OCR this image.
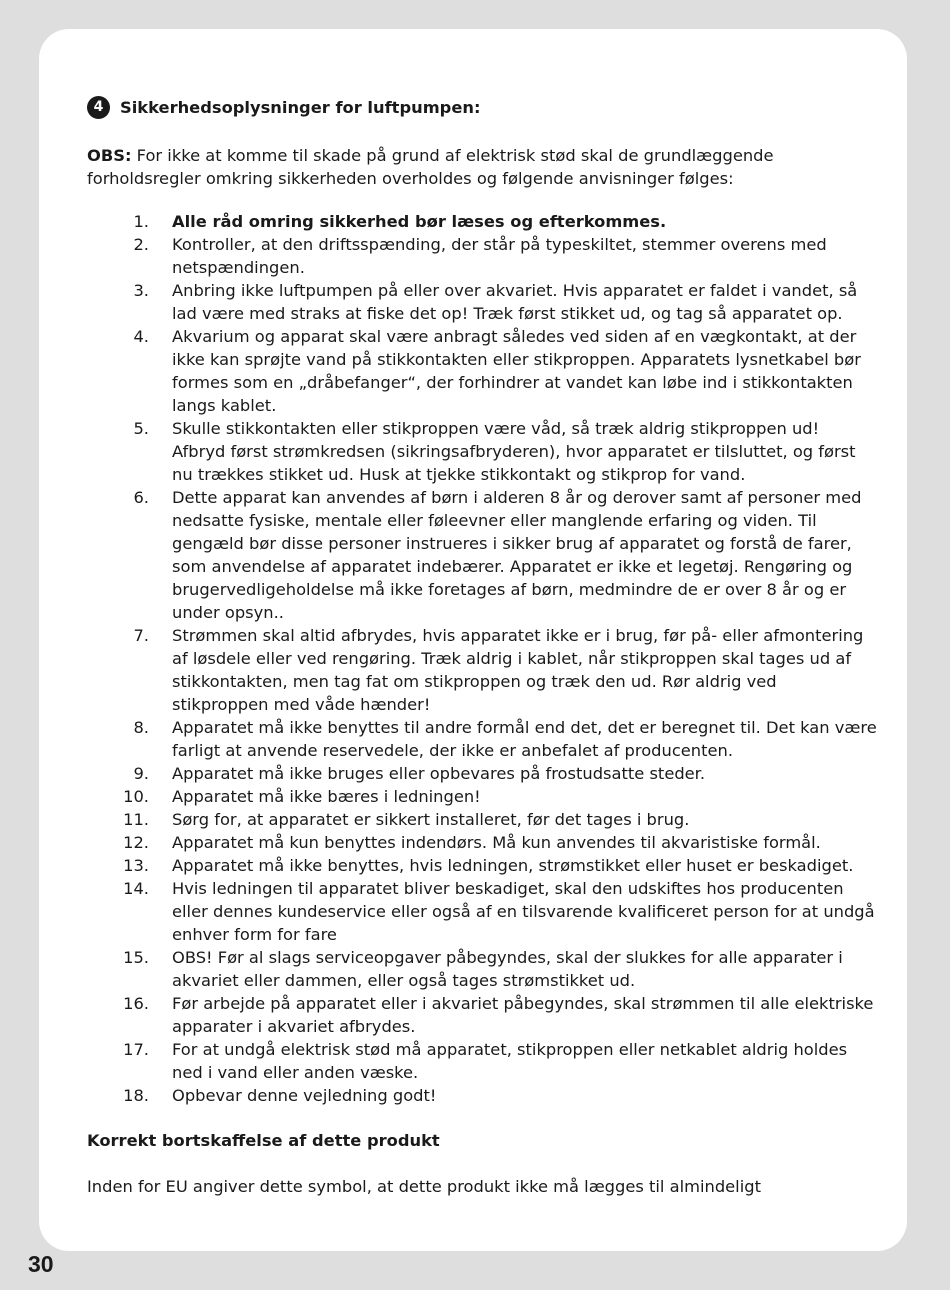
4	Sikkerhedsoplysninger for luftpumpen:
OBS: For ikke at komme til skade på grund af elektrisk stød skal de grundlæggende forholdsregler omkring sikkerheden overholdes og følgende anvisninger følges:
1.	Alle råd omring sikkerhed bør læses og efterkommes.
2.	Kontroller, at den driftsspænding, der står på typeskiltet, stemmer overens med netspændingen.
3.	Anbring ikke luftpumpen på eller over akvariet. Hvis apparatet er faldet i vandet, så lad være med straks at fiske det op! Træk først stikket ud, og tag så apparatet op.
4.	Akvarium og apparat skal være anbragt således ved siden af en vægkontakt, at der ikke kan sprøjte vand på stikkontakten eller stikproppen. Apparatets lysnetkabel bør formes som en „dråbefanger“, der forhindrer at vandet kan løbe ind i stikkontakten langs kablet.
5.	Skulle stikkontakten eller stikproppen være våd, så træk aldrig stikproppen ud! Afbryd først strømkredsen (sikringsafbryderen), hvor apparatet er tilsluttet, og først nu trækkes stikket ud. Husk at tjekke stikkontakt og stikprop for vand.
6.	Dette apparat kan anvendes af børn i alderen 8 år og derover samt af personer med nedsatte fysiske, mentale eller føleevner eller manglende erfaring og viden. Til gengæld bør disse personer instrueres i sikker brug af apparatet og forstå de farer, som anvendelse af apparatet indebærer. Apparatet er ikke et legetøj. Rengøring og brugervedligeholdelse må ikke foretages af børn, medmindre de er over 8 år og er under opsyn..
7.	Strømmen skal altid afbrydes, hvis apparatet ikke er i brug, før på- eller afmontering af løsdele eller ved rengøring. Træk aldrig i kablet, når stikproppen skal tages ud af stikkontakten, men tag fat om stikproppen og træk den ud. Rør aldrig ved stikproppen med våde hænder!
8.	Apparatet må ikke benyttes til andre formål end det, det er beregnet til. Det kan være farligt at anvende reservedele, der ikke er anbefalet af producenten.
9.	Apparatet må ikke bruges eller opbevares på frostudsatte steder.
10.	Apparatet må ikke bæres i ledningen!
11.	Sørg for, at apparatet er sikkert installeret, før det tages i brug.
12.	Apparatet må kun benyttes indendørs. Må kun anvendes til akvaristiske formål.
13.	Apparatet må ikke benyttes, hvis ledningen, strømstikket eller huset er beskadiget.
14.	Hvis ledningen til apparatet bliver beskadiget, skal den udskiftes hos producenten eller dennes kundeservice eller også af en tilsvarende kvalificeret person for at undgå enhver form for fare
15.	OBS! Før al slags serviceopgaver påbegyndes, skal der slukkes for alle apparater i akvariet eller dammen, eller også tages strømstikket ud.
16.	Før arbejde på apparatet eller i akvariet påbegyndes, skal strømmen til alle elektriske apparater i akvariet afbrydes.
17.	For at undgå elektrisk stød må apparatet, stikproppen eller netkablet aldrig holdes ned i vand eller anden væske.
18.	Opbevar denne vejledning godt!
Korrekt bortskaffelse af dette produkt
Inden for EU angiver dette symbol, at dette produkt ikke må lægges til almindeligt
30
